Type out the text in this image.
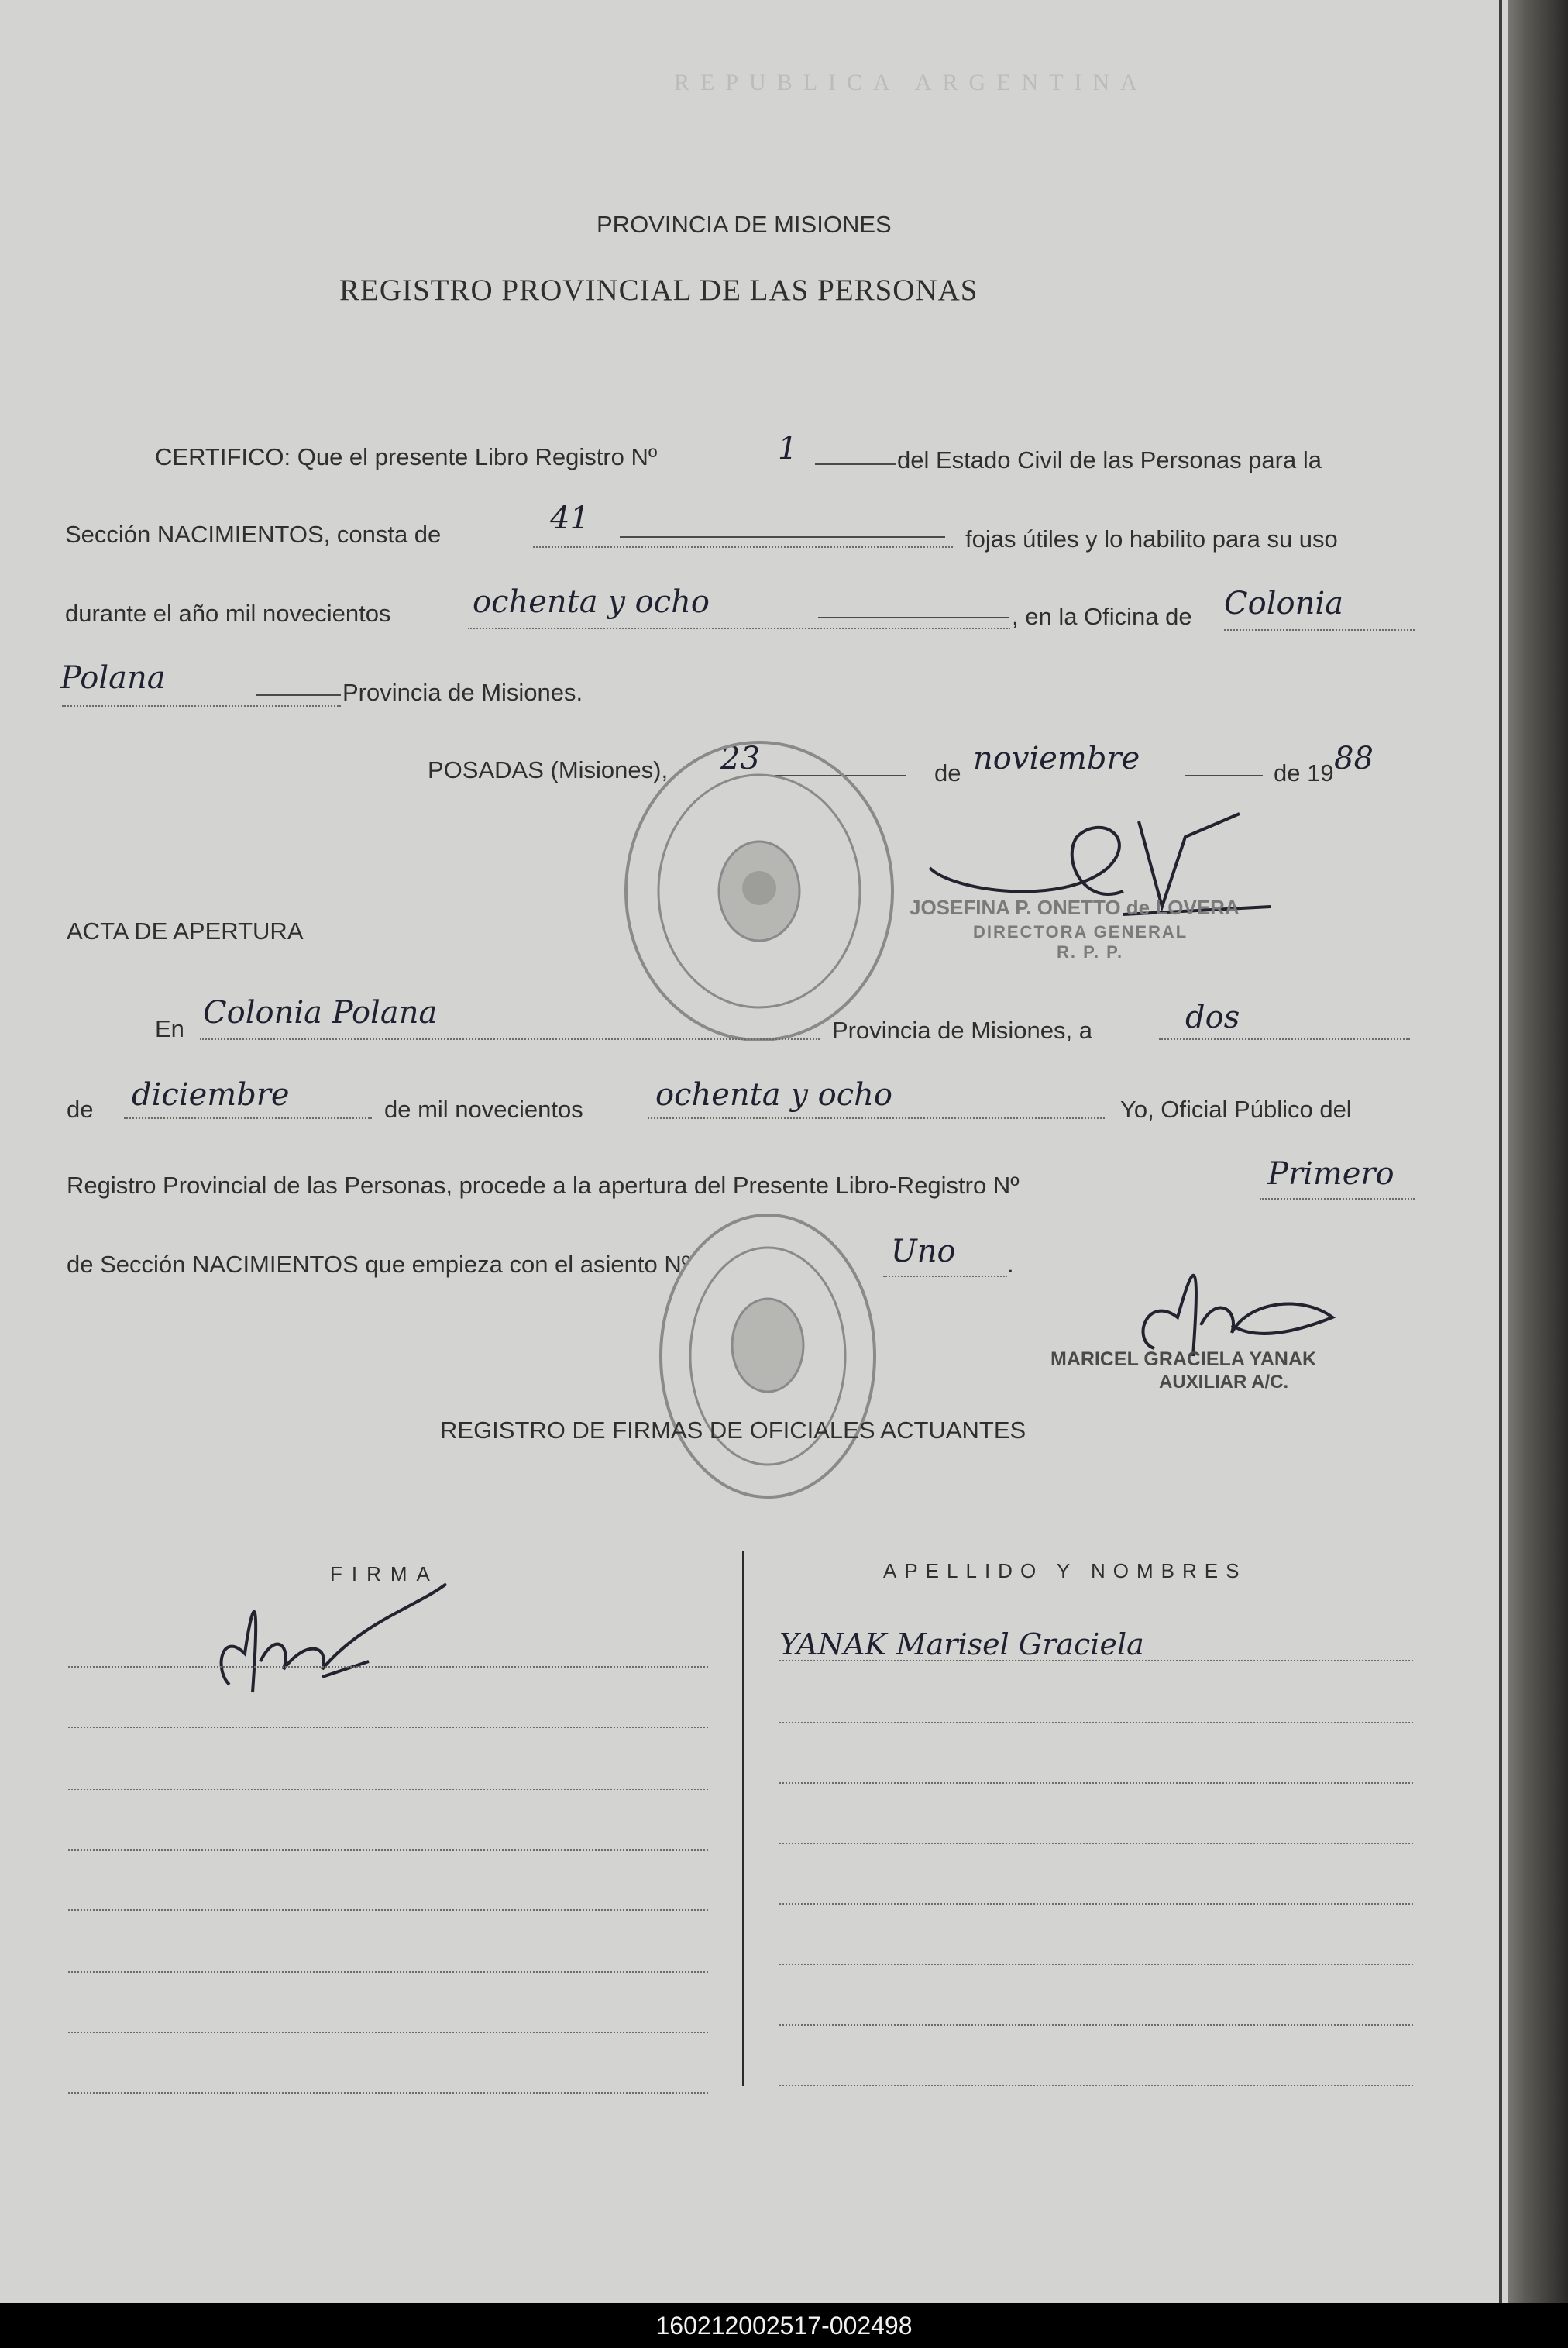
REPUBLICA ARGENTINA
PROVINCIA DE MISIONES
REGISTRO PROVINCIAL DE LAS PERSONAS
CERTIFICO: Que el presente Libro Registro Nº	1	del Estado Civil de las Personas para la
Sección NACIMIENTOS, consta de	41
fojas útiles y lo habilito para su uso
durante el año mil novecientos	ochenta y ocho	, en la Oficina de Colonia
Polana	Provincia de Misiones.
POSADAS (Misiones), 23	de noviembre	de 19 88
JOSEFINA P. ONETTO de LOVERA
DIRECTORA GENERAL
R. P. P.
ACTA DE APERTURA
En Colonia Polana	Provincia de Misiones, a	dos
de diciembre	de mil novecientos ochenta y ocho	Yo, Oficial Público del
Registro Provincial de las Personas, procede a la apertura del Presente Libro-Registro Nº	Primero
de Sección NACIMIENTOS que empieza con el asiento Nº	Uno .
MARICEL GRACIELA YANAK
AUXILIAR A/C.
REGISTRO DE FIRMAS DE OFICIALES ACTUANTES
FIRMA	APELLIDO Y NOMBRES
YANAK Marisel Graciela
160212002517-002498
